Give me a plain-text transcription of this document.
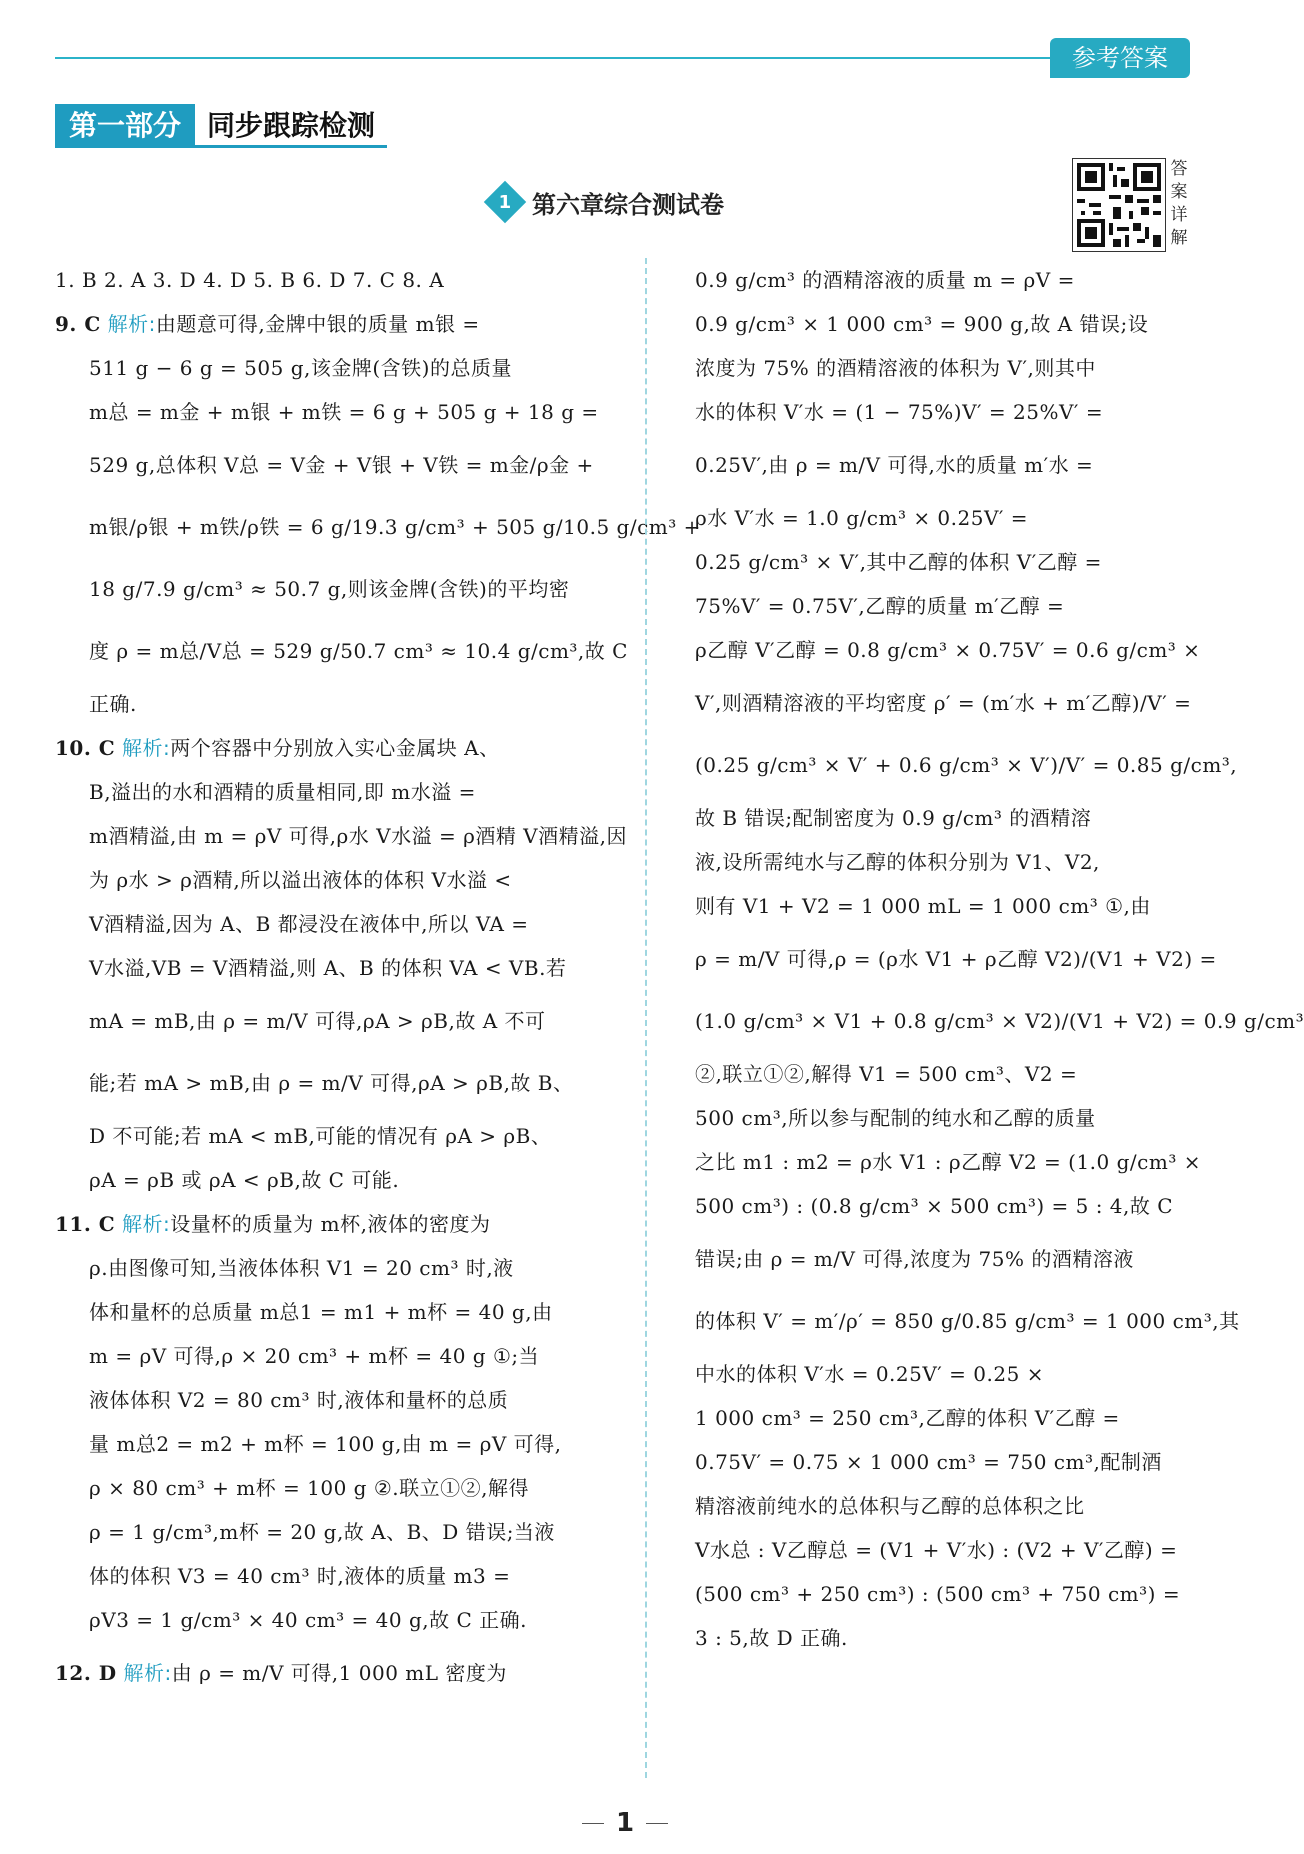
参考答案
第一部分 同步跟踪检测
1 第六章综合测试卷
答
案
详
解
1. B 2. A 3. D 4. D 5. B 6. D 7. C 8. A
9. C 解析:由题意可得,金牌中银的质量 m银 =
511 g − 6 g = 505 g,该金牌(含铁)的总质量
m总 = m金 + m银 + m铁 = 6 g + 505 g + 18 g =
529 g,总体积 V总 = V金 + V银 + V铁 = m金/ρ金 +
m银/ρ银 + m铁/ρ铁 = 6 g/19.3 g/cm³ + 505 g/10.5 g/cm³ +
18 g/7.9 g/cm³ ≈ 50.7 g,则该金牌(含铁)的平均密
度 ρ = m总/V总 = 529 g/50.7 cm³ ≈ 10.4 g/cm³,故 C
正确.
10. C 解析:两个容器中分别放入实心金属块 A、
B,溢出的水和酒精的质量相同,即 m水溢 =
m酒精溢,由 m = ρV 可得,ρ水 V水溢 = ρ酒精 V酒精溢,因
为 ρ水 > ρ酒精,所以溢出液体的体积 V水溢 <
V酒精溢,因为 A、B 都浸没在液体中,所以 VA =
V水溢,VB = V酒精溢,则 A、B 的体积 VA < VB.若
mA = mB,由 ρ = m/V 可得,ρA > ρB,故 A 不可
能;若 mA > mB,由 ρ = m/V 可得,ρA > ρB,故 B、
D 不可能;若 mA < mB,可能的情况有 ρA > ρB、
ρA = ρB 或 ρA < ρB,故 C 可能.
11. C 解析:设量杯的质量为 m杯,液体的密度为
ρ.由图像可知,当液体体积 V1 = 20 cm³ 时,液
体和量杯的总质量 m总1 = m1 + m杯 = 40 g,由
m = ρV 可得,ρ × 20 cm³ + m杯 = 40 g ①;当
液体体积 V2 = 80 cm³ 时,液体和量杯的总质
量 m总2 = m2 + m杯 = 100 g,由 m = ρV 可得,
ρ × 80 cm³ + m杯 = 100 g ②.联立①②,解得
ρ = 1 g/cm³,m杯 = 20 g,故 A、B、D 错误;当液
体的体积 V3 = 40 cm³ 时,液体的质量 m3 =
ρV3 = 1 g/cm³ × 40 cm³ = 40 g,故 C 正确.
12. D 解析:由 ρ = m/V 可得,1 000 mL 密度为
0.9 g/cm³ 的酒精溶液的质量 m = ρV =
0.9 g/cm³ × 1 000 cm³ = 900 g,故 A 错误;设
浓度为 75% 的酒精溶液的体积为 V′,则其中
水的体积 V′水 = (1 − 75%)V′ = 25%V′ =
0.25V′,由 ρ = m/V 可得,水的质量 m′水 =
ρ水 V′水 = 1.0 g/cm³ × 0.25V′ =
0.25 g/cm³ × V′,其中乙醇的体积 V′乙醇 =
75%V′ = 0.75V′,乙醇的质量 m′乙醇 =
ρ乙醇 V′乙醇 = 0.8 g/cm³ × 0.75V′ = 0.6 g/cm³ ×
V′,则酒精溶液的平均密度 ρ′ = (m′水 + m′乙醇)/V′ =
(0.25 g/cm³ × V′ + 0.6 g/cm³ × V′)/V′ = 0.85 g/cm³,
故 B 错误;配制密度为 0.9 g/cm³ 的酒精溶
液,设所需纯水与乙醇的体积分别为 V1、V2,
则有 V1 + V2 = 1 000 mL = 1 000 cm³ ①,由
ρ = m/V 可得,ρ = (ρ水 V1 + ρ乙醇 V2)/(V1 + V2) =
(1.0 g/cm³ × V1 + 0.8 g/cm³ × V2)/(V1 + V2) = 0.9 g/cm³
②,联立①②,解得 V1 = 500 cm³、V2 =
500 cm³,所以参与配制的纯水和乙醇的质量
之比 m1 : m2 = ρ水 V1 : ρ乙醇 V2 = (1.0 g/cm³ ×
500 cm³) : (0.8 g/cm³ × 500 cm³) = 5 : 4,故 C
错误;由 ρ = m/V 可得,浓度为 75% 的酒精溶液
的体积 V′ = m′/ρ′ = 850 g/0.85 g/cm³ = 1 000 cm³,其
中水的体积 V′水 = 0.25V′ = 0.25 ×
1 000 cm³ = 250 cm³,乙醇的体积 V′乙醇 =
0.75V′ = 0.75 × 1 000 cm³ = 750 cm³,配制酒
精溶液前纯水的总体积与乙醇的总体积之比
V水总 : V乙醇总 = (V1 + V′水) : (V2 + V′乙醇) =
(500 cm³ + 250 cm³) : (500 cm³ + 750 cm³) =
3 : 5,故 D 正确.
1
